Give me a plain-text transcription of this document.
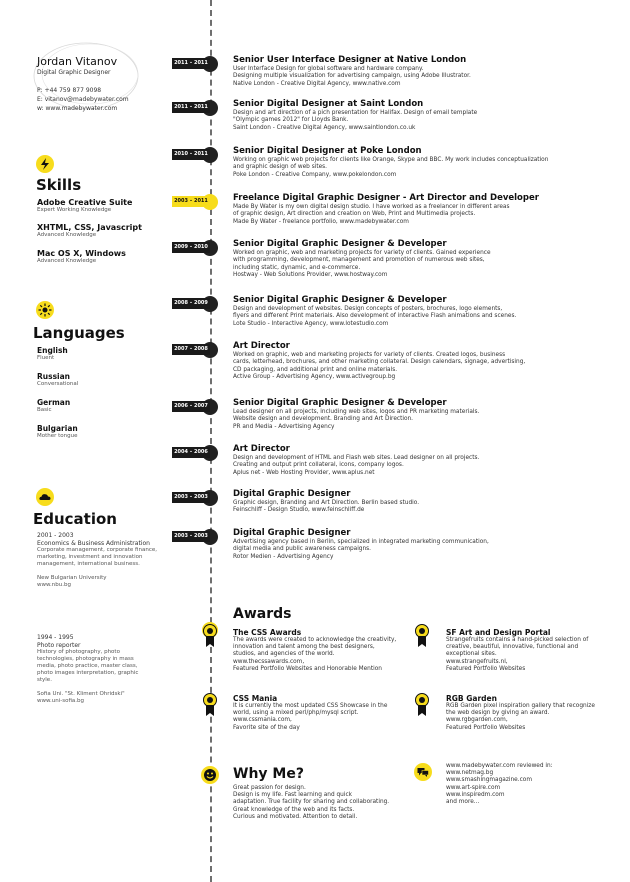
Jordan Vitanov
Digital Graphic Designer
P: +44 759 877 9098
E: vitanov@madebywater.com
w: www.madebywater.com
Skills
Adobe Creative Suite
Expert Working Knowledge
XHTML, CSS, Javascript
Advanced Knowledge
Mac OS X, Windows
Advanced Knowledge
Languages
English
Fluent
Russian
Conversational
German
Basic
Bulgarian
Mother tongue
Education
2001 - 2003
Economics & Business Administration
Corporate management, corporate finance, marketing, investment and innovation management, international business.
New Bulgarian University
www.nbu.bg
1994 - 1995
Photo reporter
History of photography, photo technologies, photography in mass media, photo practice, master class, photo images interpretation, graphic style.
Sofia Uni. "St. Kliment Ohridski"
www.uni-sofia.bg
2011 – 2011	Senior User Interface Designer at Native London
User Interface Design for global software and hardware company.
Designing multiple visualization for advertising campaign, using Adobe Illustrator.
Native London - Creative Digital Agency, www.native.com
2011 – 2011	Senior Digital Designer at Saint London
Design and art direction of a pich presentation for Halifax. Design of email template
"Olympic games 2012" for Lloyds Bank.
Saint London - Creative Digital Agency, www.saintlondon.co.uk
2010 – 2011	Senior Digital Designer at Poke London
Working on graphic web projects for clients like Orange, Skype and BBC. My work includes conceptualization
and graphic design of web sites.
Poke London - Creative Company, www.pokelondon.com
2003 – 2011	Freelance Digital Graphic Designer - Art Director and Developer
Made By Water is my own digital design studio. I have worked as a freelancer in different areas
of graphic design, Art direction and creation on Web, Print and Multimedia projects.
Made By Water - freelance portfolio, www.madebywater.com
2009 – 2010	Senior Digital Graphic Designer & Developer
Worked on graphic, web and marketing projects for variety of clients. Gained experience
with programming, development, management and promotion of numerous web sites,
including static, dynamic, and e-commerce.
Hostway - Web Solutions Provider, www.hostway.com
2008 – 2009	Senior Digital Graphic Designer & Developer
Design and development of websites. Design concepts of posters, brochures, logo elements,
flyers and different Print materials. Also development of interactive Flash animations and scenes.
Lote Studio - Interactive Agency, www.lotestudio.com
2007 – 2008	Art Director
Worked on graphic, web and marketing projects for variety of clients. Created logos, business
cards, letterhead, brochures, and other marketing collateral. Design calendars, signage, advertising,
CD packaging, and additional print and online materials.
Active Group - Advertising Agency, www.activegroup.bg
2006 – 2007	Senior Digital Graphic Designer & Developer
Lead designer on all projects, including web sites, logos and PR marketing materials.
Website design and development. Branding and Art Direction.
PR and Media - Advertising Agency
2004 – 2006	Art Director
Design and development of HTML and Flash web sites. Lead designer on all projects.
Creating and output print collateral, icons, company logos.
Aplus net - Web Hosting Provider, www.aplus.net
2003 – 2003	Digital Graphic Designer
Graphic design, Branding and Art Direction. Berlin based studio.
Feinschliff - Design Studio, www.feinschliff.de
2003 – 2003	Digital Graphic Designer
Advertising agency based in Berlin, specialized in integrated marketing communication,
digital media and public awareness campaigns.
Rotor Medien - Advertising Agency
Awards
The CSS Awards
The awards were created to acknowledge the creativity,
innovation and talent among the best designers,
studios, and agencies of the world.
www.thecssawards.com,
Featured Portfolio Websites and Honorable Mention
SF Art and Design Portal
Strangefruits contains a hand-picked selection of
creative, beautiful, innovative, functional and
exceptional sites.
www.strangefruits.nl,
Featured Portfolio Websites
CSS Mania
It is currently the most updated CSS Showcase in the
world, using a mixed perl/php/mysql script.
www.cssmania.com,
Favorite site of the day
RGB Garden
RGB Garden pixel inspiration gallery that recognize
the web design by giving an award.
www.rgbgarden.com,
Featured Portfolio Websites
Why Me?
Great passion for design.
Design is my life. Fast learning and quick
adaptation. True facility for sharing and collaborating.
Great knowledge of the web and its facts.
Curious and motivated. Attention to detail.
www.madebywater.com reviewed in:
www.netmag.bg
www.smashingmagazine.com
www.art-spire.com
www.inspiredm.com
and more...
